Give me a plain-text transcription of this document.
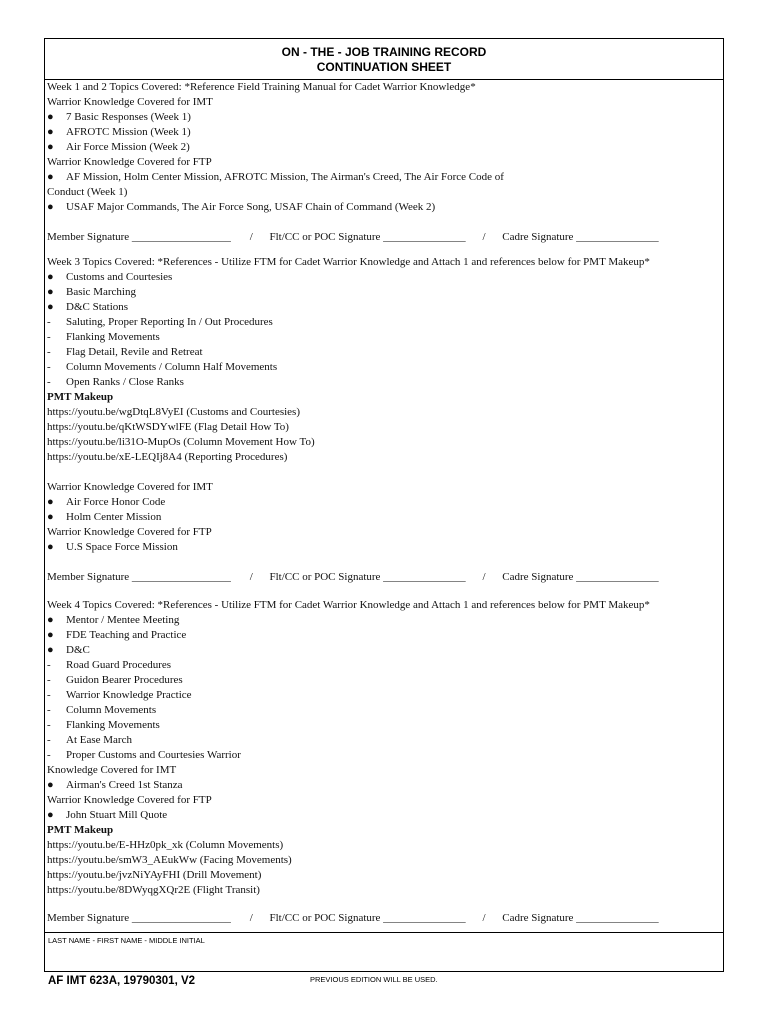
ON - THE - JOB TRAINING RECORD
CONTINUATION SHEET
Week 1 and 2 Topics Covered: *Reference Field Training Manual for Cadet Warrior Knowledge*
Warrior Knowledge Covered for IMT
● 7 Basic Responses (Week 1)
● AFROTC Mission (Week 1)
● Air Force Mission (Week 2)
Warrior Knowledge Covered for FTP
● AF Mission, Holm Center Mission, AFROTC Mission, The Airman's Creed, The Air Force Code of
Conduct (Week 1)
● USAF Major Commands, The Air Force Song, USAF Chain of Command (Week 2)
Member Signature __________________ / Flt/CC or POC Signature _______________ / Cadre Signature _______________
Week 3 Topics Covered: *References - Utilize FTM for Cadet Warrior Knowledge and Attach 1 and references below for PMT Makeup*
● Customs and Courtesies
● Basic Marching
● D&C Stations
- Saluting, Proper Reporting In / Out Procedures
- Flanking Movements
- Flag Detail, Revile and Retreat
- Column Movements / Column Half Movements
- Open Ranks / Close Ranks
PMT Makeup
https://youtu.be/wgDtqL8VyEI (Customs and Courtesies)
https://youtu.be/qKtWSDYwlFE (Flag Detail How To)
https://youtu.be/li31O-MupOs (Column Movement How To)
https://youtu.be/xE-LEQIj8A4 (Reporting Procedures)
Warrior Knowledge Covered for IMT
● Air Force Honor Code
● Holm Center Mission
Warrior Knowledge Covered for FTP
● U.S Space Force Mission
Member Signature __________________ / Flt/CC or POC Signature _______________ / Cadre Signature _______________
Week 4 Topics Covered: *References - Utilize FTM for Cadet Warrior Knowledge and Attach 1 and references below for PMT Makeup*
● Mentor / Mentee Meeting
● FDE Teaching and Practice
● D&C
- Road Guard Procedures
- Guidon Bearer Procedures
- Warrior Knowledge Practice
- Column Movements
- Flanking Movements
- At Ease March
- Proper Customs and Courtesies Warrior
Knowledge Covered for IMT
● Airman's Creed 1st Stanza
Warrior Knowledge Covered for FTP
● John Stuart Mill Quote
PMT Makeup
https://youtu.be/E-HHz0pk_xk (Column Movements)
https://youtu.be/smW3_AEukWw (Facing Movements)
https://youtu.be/jvzNiYAyFHI (Drill Movement)
https://youtu.be/8DWyqgXQr2E (Flight Transit)
Member Signature __________________ / Flt/CC or POC Signature _______________ / Cadre Signature _______________
LAST NAME - FIRST NAME - MIDDLE INITIAL
AF IMT 623A, 19790301, V2	PREVIOUS EDITION WILL BE USED.
